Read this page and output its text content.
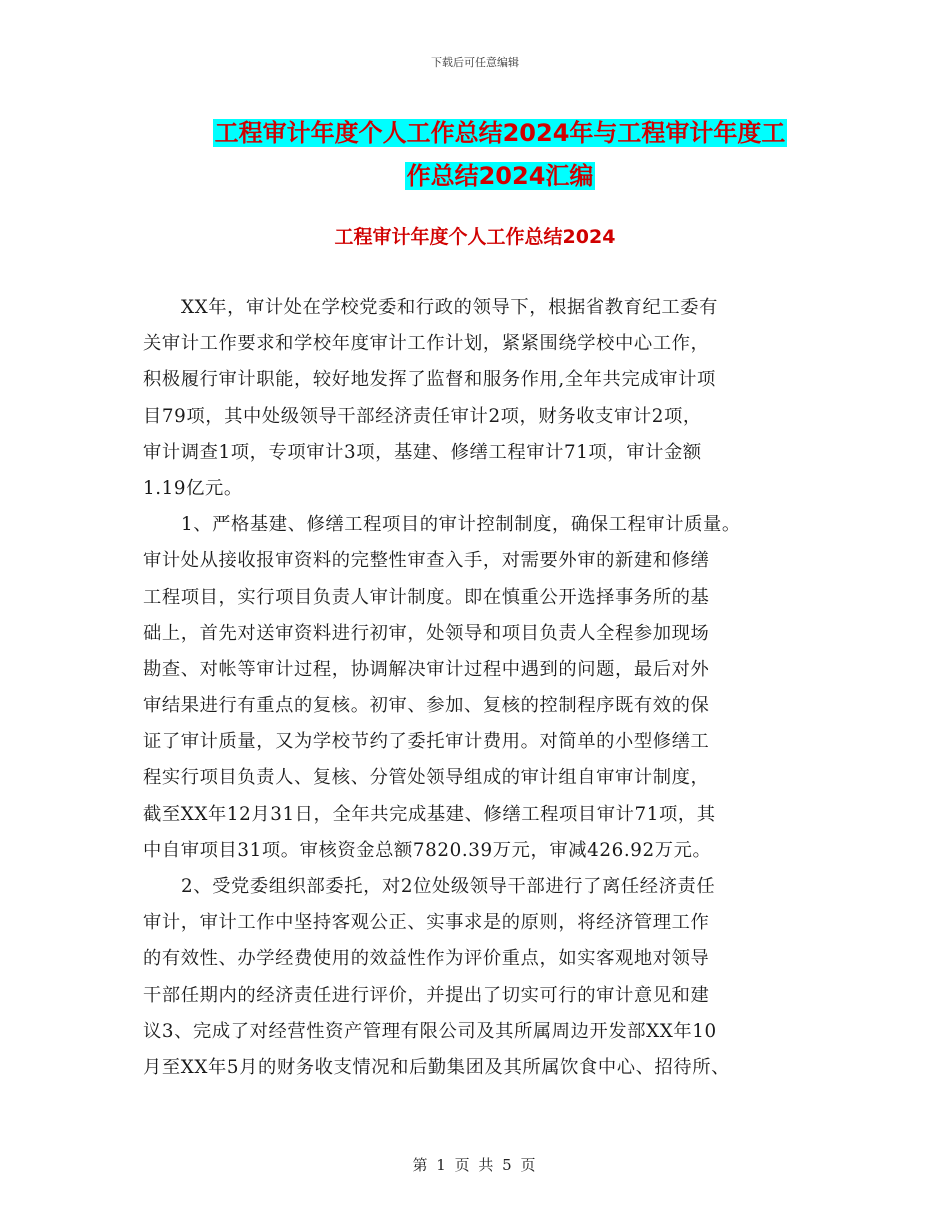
下载后可任意编辑
工程审计年度个人工作总结2024年与工程审计年度工
作总结2024汇编
工程审计年度个人工作总结2024
XX年，审计处在学校党委和行政的领导下，根据省教育纪工委有
关审计工作要求和学校年度审计工作计划，紧紧围绕学校中心工作，
积极履行审计职能，较好地发挥了监督和服务作用,全年共完成审计项
目79项，其中处级领导干部经济责任审计2项，财务收支审计2项，
审计调查1项，专项审计3项，基建、修缮工程审计71项，审计金额
1.19亿元。
1、严格基建、修缮工程项目的审计控制制度，确保工程审计质量。
审计处从接收报审资料的完整性审查入手，对需要外审的新建和修缮
工程项目，实行项目负责人审计制度。即在慎重公开选择事务所的基
础上，首先对送审资料进行初审，处领导和项目负责人全程参加现场
勘查、对帐等审计过程，协调解决审计过程中遇到的问题，最后对外
审结果进行有重点的复核。初审、参加、复核的控制程序既有效的保
证了审计质量，又为学校节约了委托审计费用。对简单的小型修缮工
程实行项目负责人、复核、分管处领导组成的审计组自审审计制度，
截至XX年12月31日，全年共完成基建、修缮工程项目审计71项，其
中自审项目31项。审核资金总额7820.39万元，审减426.92万元。
2、受党委组织部委托，对2位处级领导干部进行了离任经济责任
审计，审计工作中坚持客观公正、实事求是的原则，将经济管理工作
的有效性、办学经费使用的效益性作为评价重点，如实客观地对领导
干部任期内的经济责任进行评价，并提出了切实可行的审计意见和建
议3、完成了对经营性资产管理有限公司及其所属周边开发部XX年10
月至XX年5月的财务收支情况和后勤集团及其所属饮食中心、招待所、
第 1 页 共 5 页
